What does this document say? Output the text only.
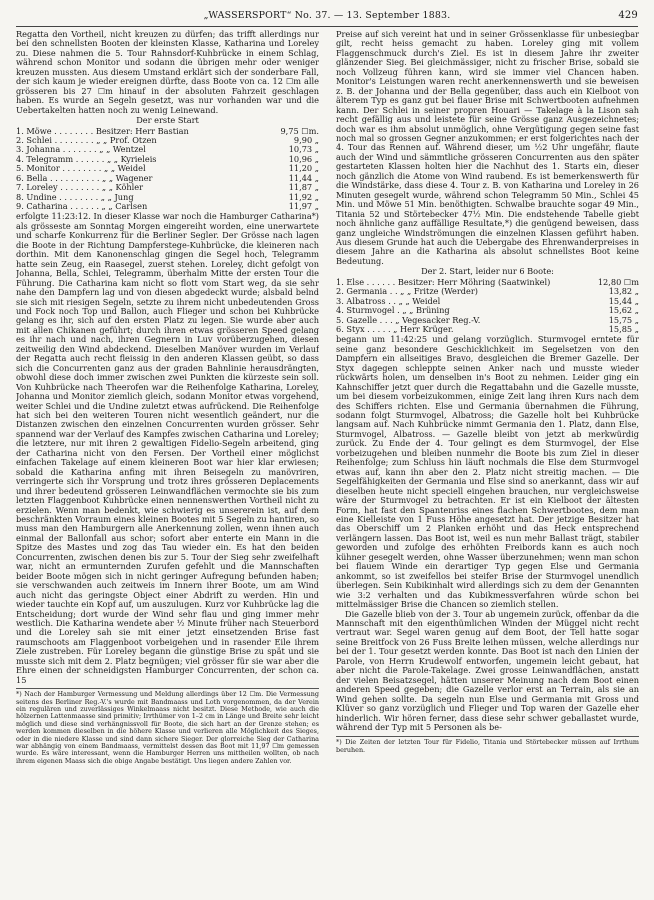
„WASSERSPORT“ No. 37. — 13. September 1883.	429

Regatta den Vortheil, nicht kreuzen zu dürfen; das trifft allerdings nur bei den schnellsten Booten der kleinsten Klasse, Katharina und Loreley zu. Diese nahmen die 5. Tour Rahnsdorf-Kuhbrücke in einem Schlag, während schon Monitor und sodann die übrigen mehr oder weniger kreuzen mussten. Aus diesem Umstand erklärt sich der sonderbare Fall, der sich kaum je wieder ereignen dürfte, dass Boote von ca. 12 ☐m alle grösseren bis 27 ☐m hinauf in der absoluten Fahrzeit geschlagen haben. Es wurde an Segeln gesetzt, was nur vorhanden war und die Uebertakelten hatten noch zu wenig Leinewand.

Der erste Start
1. Möwe . . . . . . . . Besitzer: Herr Bastian	9,75 ☐m.
2. Schlei . . . . . . . . „ „ Prof. Otzen	9,90 „
3. Johanna . . . . . . . „ „ Wentzel	10,73 „
4. Telegramm . . . . . . „ „ Kyrieleis	10,96 „
5. Monitor . . . . . . . . „ „ Weidel	11,20 „
6. Bella . . . . . . . . . . „ „ Wagener	11,44 „
7. Loreley . . . . . . . . „ „ Köhler	11,87 „
8. Undine . . . . . . . . „ „ Jung	11,92 „
9. Catharina . . . . . . „ „ Carlsen	11,97 „

erfolgte 11:23:12. In dieser Klasse war noch die Hamburger Catharina*) als grösseste am Sonntag Morgen eingereiht worden, eine unerwartete und scharfe Konkurrenz für die Berliner Segler. Der Grösse nach lagen die Boote in der Richtung Dampferstege-Kuhbrücke, die kleineren nach dorthin. Mit dem Kanonenschlag gingen die Segel hoch, Telegramm hatte sein Zeug, ein Raasegel, zuerst stehen. Loreley, dicht gefolgt von Johanna, Bella, Schlei, Telegramm, überhalm Mitte der ersten Tour die Führung. Die Catharina kam nicht so flott vom Start weg, da sie sehr nahe den Dampfern lag und von diesen abgedeckt wurde; alsbald belnd sie sich mit riesigen Segeln, setzte zu ihrem nicht unbedeutenden Gross und Fock noch Top und Ballon, auch Flieger und schon bei Kuhbrücke gelang es ihr, sich auf den ersten Platz zu legen. Sie wurde aber auch mit allen Chikanen geführt; durch ihren etwas grösseren Speed gelang es ihr nach und nach, ihren Gegnern in Luv vorüberzugehen, diesen zeitweilig den Wind abdeckend. Dieselben Manöver wurden im Verlauf der Regatta auch recht fleissig in den anderen Klassen geübt, so dass sich die Concurrenten ganz aus der graden Bahnlinie herausdrängten, obwohl diese doch immer zwischen zwei Punkten die kürzeste sein soll. Von Kuhbrücke nach Theerofen war die Reihenfolge Katharina, Loreley, Johanna und Monitor ziemlich gleich, sodann Monitor etwas vorgehend, weiter Schlei und die Undine zuletzt etwas aufrückend. Die Reihenfolge hat sich bei den weiteren Touren nicht wesentlich geändert, nur die Distanzen zwischen den einzelnen Concurrenten wurden grösser. Sehr spannend war der Verlauf des Kampfes zwischen Catharina und Loreley; die letztere, nur mit ihren 2 gewaltigen Fidelio-Segeln arbeitend, ging der Catharina nicht von den Fersen. Der Vortheil einer möglichst einfachen Takelage auf einem kleineren Boot war hier klar erwiesen; sobald die Katharina anfing mit ihren Beisegeln zu manövriren, verringerte sich ihr Vorsprung und trotz ihres grösseren Deplacements und ihrer bedeutend grösseren Leinwandflächen vermochte sie bis zum letzten Flaggenboot Kuhbrücke einen nennenswerthen Vortheil nicht zu erzielen. Wenn man bedenkt, wie schwierig es unsererein ist, auf dem beschränkten Vorraum eines kleinen Bootes mit 5 Segeln zu hantiren, so muss man den Hamburgern alle Anerkennung zollen, wenn ihnen auch einmal der Ballonfall aus schor; sofort aber enterte ein Mann in die Spitze des Mastes und zog das Tau wieder ein. Es hat den beiden Concurrenten, zwischen denen bis zur 5. Tour der Sieg sehr zweifelhaft war, nicht an ermunternden Zurufen gefehlt und die Mannschaften beider Boote mögen sich in nicht geringer Aufregung befunden haben; sie verschwanden auch zeitweis im Innern ihrer Boote, um am Wind auch nicht das geringste Object einer Abdrift zu werden. Hin und wieder tauchte ein Kopf auf, um auszulugen. Kurz vor Kuhbrücke lag die Entscheidung; dort wurde der Wind sehr flau und ging immer mehr westlich. Die Katharina wendete aber ½ Minute früher nach Steuerbord und die Loreley sah sie mit einer jetzt einsetzenden Brise fast raumschoots am Flaggenboot vorbeigehen und in rasender Eile ihrem Ziele zustreben. Für Loreley begann die günstige Brise zu spät und sie musste sich mit dem 2. Platz begnügen; viel grösser für sie war aber die Ehre einen der schneidigsten Hamburger Concurrenten, der schon ca. 15

*) Nach der Hamburger Vermessung und Meldung allerdings über 12 ☐m. Die Vermessung seitens des Berliner Reg.-V.'s wurde mit Bandmaass und Loth vorgenommen, da der Verein ein regulären und zuverlässiges Winkelmaass nicht besitzt. Diese Methode, wie auch die hölzernen Lattenmaasse sind primitiv; Irrthümer von 1–2 cm in Länge und Breite sehr leicht möglich und diese sind verhängnissvoll für Boote, die sich hart an der Grenze stehen; es werden kommen dieselben in die höhere Klasse und verlieren alle Möglichkeit des Sieges, oder in die niedere Klasse und sind dann sichere Sieger. Der glorreiche Sieg der Catharina war abhängig von einem Bandmaass, vermittelst dessen das Boot mit 11,97 ☐m gemessen wurde. Es wäre interessant, wenn die Hamburger Herren uns mittheilen wollten, ob nach ihrem eigenen Maass sich die obige Angabe bestätigt. Uns liegen andere Zahlen vor.

Preise auf sich vereint hat und in seiner Grössenklasse für unbesiegbar gilt, recht heiss gemacht zu haben. Loreley ging mit vollem Flaggenschmuck durch's Ziel. Es ist in diesem Jahre ihr zweiter glänzender Sieg. Bei gleichmässiger, nicht zu frischer Brise, sobald sie noch Vollzeug führen kann, wird sie immer viel Chancen haben. Monitor's Leistungen waren recht anerkennenswerth und sie beweisen z. B. der Johanna und der Bella gegenüber, dass auch ein Kielboot von älterem Typ es ganz gut bei flauer Brise mit Schwertbooten aufnehmen kann. Der Schlei in seiner propren Houari — Takelage à la Lison sah recht gefällig aus und leistete für seine Grösse ganz Ausgezeichnetes; doch war es ihm absolut unmöglich, ohne Vergütigung gegen seine fast noch mal so grossen Gegner anzukommen; er erst folgerichtes nach der 4. Tour das Rennen auf. Während dieser, um ½2 Uhr ungefähr, flaute auch der Wind und sämmtliche grösseren Concurrenten aus den später gestarteten Klassen holten hier die Nachhut des 1. Starts ein, dieser noch gänzlich die Atome von Wind raubend. Es ist bemerkenswerth für die Windstärke, dass diese 4. Tour z. B. von Katharina und Loreley in 26 Minuten gesegelt wurde, während schon Telegramm 50 Min., Schlei 45 Min. und Möwe 51 Min. benöthigten. Schwalbe brauchte sogar 49 Min., Titania 52 und Störtebecker 47½ Min. Die endstehende Tabelle giebt noch ähnliche ganz auffällige Resultate,*) die genügend beweisen, dass ganz ungleiche Windströmungen die einzelnen Klassen geführt haben. Aus diesem Grunde hat auch die Uebergabe des Ehrenwanderpreises in diesem Jahre an die Katharina als absolut schnellstes Boot keine Bedeutung.

Der 2. Start, leider nur 6 Boote:
1. Else . . . . . . Besitzer: Herr Möhring (Saatwinkel)	12,80 ☐m
2. Germania . . „ „ Fritze (Werder)	13,82 „
3. Albatross . . „ „ Weidel	15,44 „
4. Sturmvogel . „ „ Brüning	15,62 „
5. Gazelle . . . „ Vegesacker Reg.-V.	15,75 „
6. Styx . . . . . „ Herr Krüger.	15,85 „

begann um 11:42:25 und gelang vorzüglich. Sturmvogel erntete für seine ganz besondere Geschicklichkeit im Segelsetzen von den Dampfern ein allseitiges Bravo, desgleichen die Bremer Gazelle. Der Styx dagegen schleppte seinen Anker nach und musste wieder rückwärts holen, um denselben in's Boot zu nehmen. Leider ging ein Kahnschiffer jetzt quer durch die Regattabahn und die Gazelle musste, um bei diesem vorbeizukommen, einige Zeit lang ihren Kurs nach dem des Schiffers richten. Else und Germania übernahmen die Führung, sodann folgt Sturmvogel, Albatross; die Gazelle holt bei Kuhbrücke langsam auf. Nach Kuhbrücke nimmt Germania den 1. Platz, dann Else, Sturmvogel, Albatross. — Gazelle bleibt von jetzt ab merkwürdig zurück. Zu Ende der 4. Tour gelingt es dem Sturmvogel, der Else vorbeizugehen und bleiben nunmehr die Boote bis zum Ziel in dieser Reihenfolge; zum Schluss hin läuft nochmals die Else dem Sturmvogel etwas auf, kann ihn aber den 2. Platz nicht streitig machen. — Die Segelfähigkeiten der Germania und Else sind so anerkannt, dass wir auf dieselben heute nicht speciell eingehen brauchen, nur vergleichsweise wäre der Sturmvogel zu betrachten. Er ist ein Kielboot der ältesten Form, hat fast den Spantenriss eines flachen Schwertbootes, dem man eine Kielleiste von 1 Fuss Höhe angesetzt hat. Der jetzige Besitzer hat das Oberschiff um 2 Planken erhöht und das Heck entsprechend verlängern lassen. Das Boot ist, weil es nun mehr Ballast trägt, stabiler geworden und zufolge des erhöhten Freibords kann es auch noch kühner gesegelt werden, ohne Wasser überzunehmen; wenn man schon bei flauem Winde ein derartiger Typ gegen Else und Germania ankommt, so ist zweifellos bei steifer Brise der Sturmvogel unendlich überlegen. Sein Kubikinhalt wird allerdings sich zu dem der Genannten wie 3:2 verhalten und das Kubikmessverfahren würde schon bei mittelmässiger Brise die Chancen so ziemlich stellen.

Die Gazelle blieb von der 3. Tour ab ungemein zurück, offenbar da die Mannschaft mit den eigenthümlichen Winden der Müggel nicht recht vertraut war. Segel waren genug auf dem Boot, der Tell hatte sogar seine Breitfock von 26 Fuss Breite leihen müssen, welche allerdings nur bei der 1. Tour gesetzt werden konnte. Das Boot ist nach den Linien der Parole, von Herrn Krudewolf entworfen, ungemein leicht gebaut, hat aber nicht die Parole-Takelage. Zwei grosse Leinwandflächen, anstatt der vielen Beisatzsegel, hätten unserer Meinung nach dem Boot einen anderen Speed gegeben; die Gazelle verlor erst an Terrain, als sie an Wind gehen sollte. Da segeln nun Else und Germania mit Gross und Klüver so ganz vorzüglich und Flieger und Top waren der Gazelle eher hinderlich. Wir hören ferner, dass diese sehr schwer geballastet wurde, während der Typ mit 5 Personen als be-

*) Die Zeiten der letzten Tour für Fidelio, Titania und Störtebecker müssen auf Irrthum beruhen.
